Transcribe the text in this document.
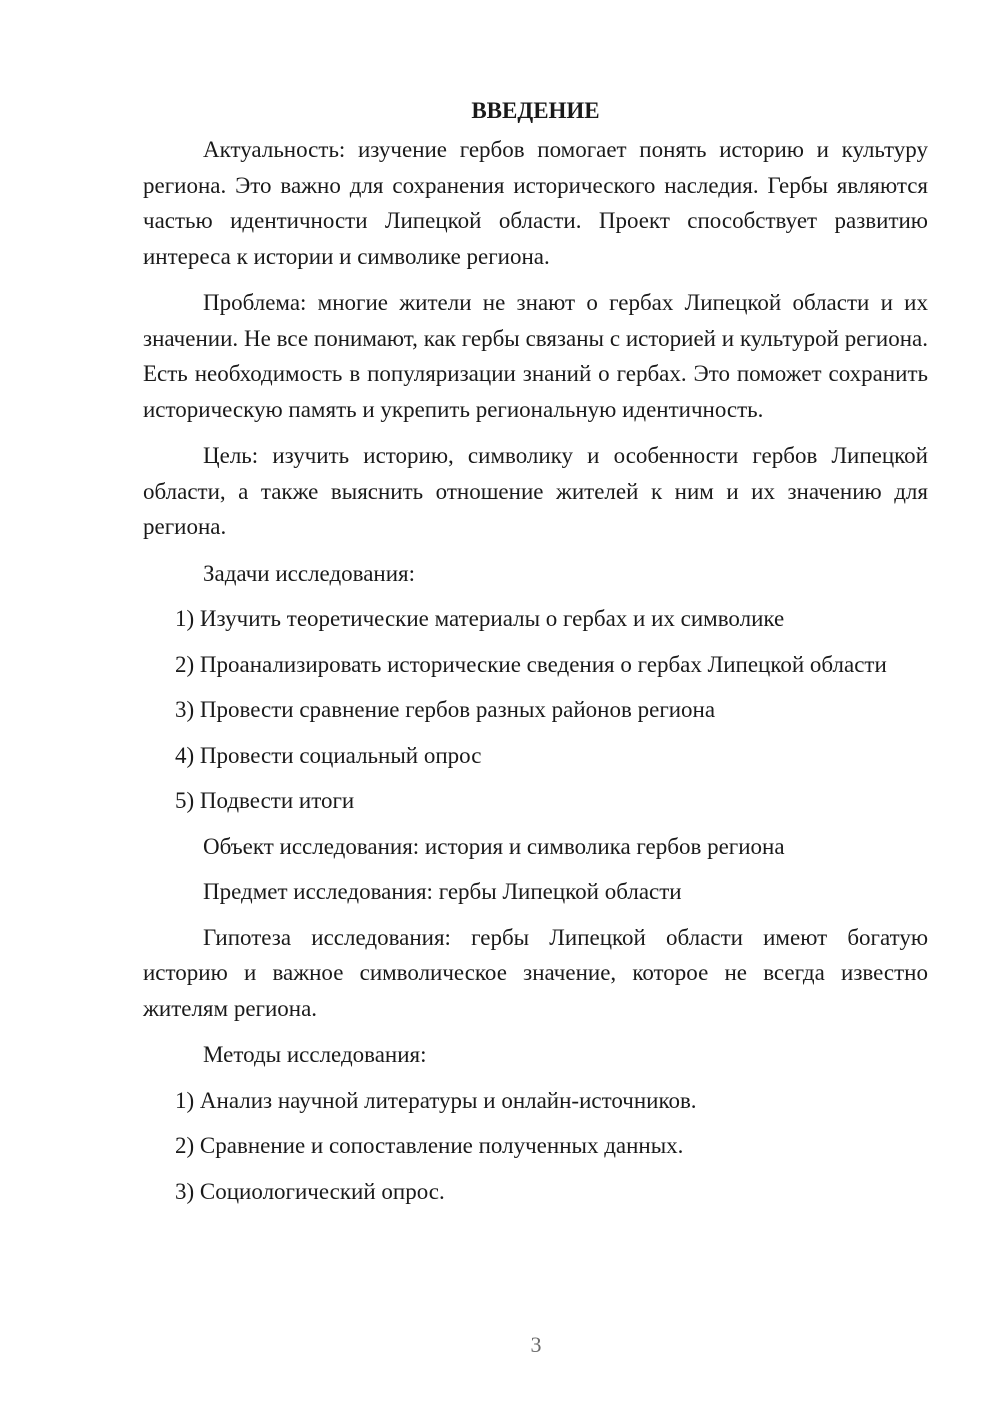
ВВЕДЕНИЕ

Актуальность: изучение гербов помогает понять историю и культуру региона. Это важно для сохранения исторического наследия. Гербы являются частью идентичности Липецкой области. Проект способствует развитию интереса к истории и символике региона.

Проблема: многие жители не знают о гербах Липецкой области и их значении. Не все понимают, как гербы связаны с историей и культурой региона. Есть необходимость в популяризации знаний о гербах. Это поможет сохранить историческую память и укрепить региональную идентичность.

Цель: изучить историю, символику и особенности гербов Липецкой области, а также выяснить отношение жителей к ним и их значению для региона.

Задачи исследования:

1) Изучить теоретические материалы о гербах и их символике

2) Проанализировать исторические сведения о гербах Липецкой области

3) Провести сравнение гербов разных районов региона

4) Провести социальный опрос

5) Подвести итоги

Объект исследования: история и символика гербов региона

Предмет исследования: гербы Липецкой области

Гипотеза исследования: гербы Липецкой области имеют богатую историю и важное символическое значение, которое не всегда известно жителям региона.

Методы исследования:

1) Анализ научной литературы и онлайн-источников.

2) Сравнение и сопоставление полученных данных.

3) Социологический опрос.

3
